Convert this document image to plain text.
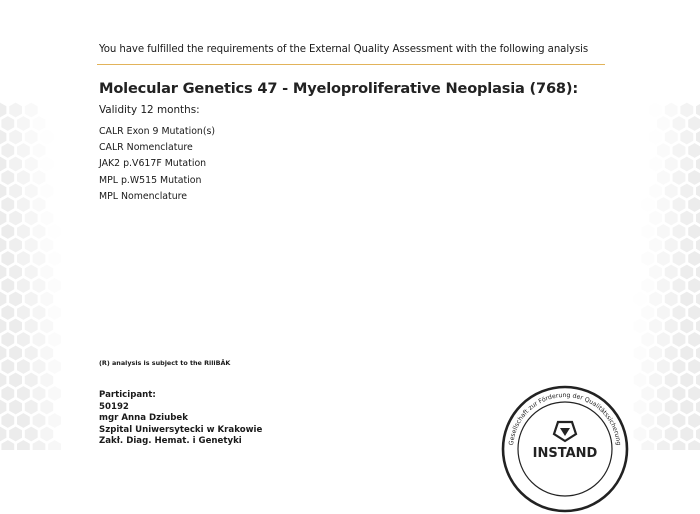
You have fulfilled the requirements of the External Quality Assessment with the following analysis
Molecular Genetics 47 - Myeloproliferative Neoplasia (768):
Validity 12 months:
CALR Exon 9 Mutation(s)
CALR Nomenclature
JAK2 p.V617F Mutation
MPL p.W515 Mutation
MPL Nomenclature
(R) analysis is subject to the RiliBÄK
Participant:
50192
mgr Anna Dziubek
Szpital Uniwersytecki w Krakowie
Zakł. Diag. Hemat. i Genetyki	Gesellschaft zur Förderung der Qualitätssicherung
INSTAND
